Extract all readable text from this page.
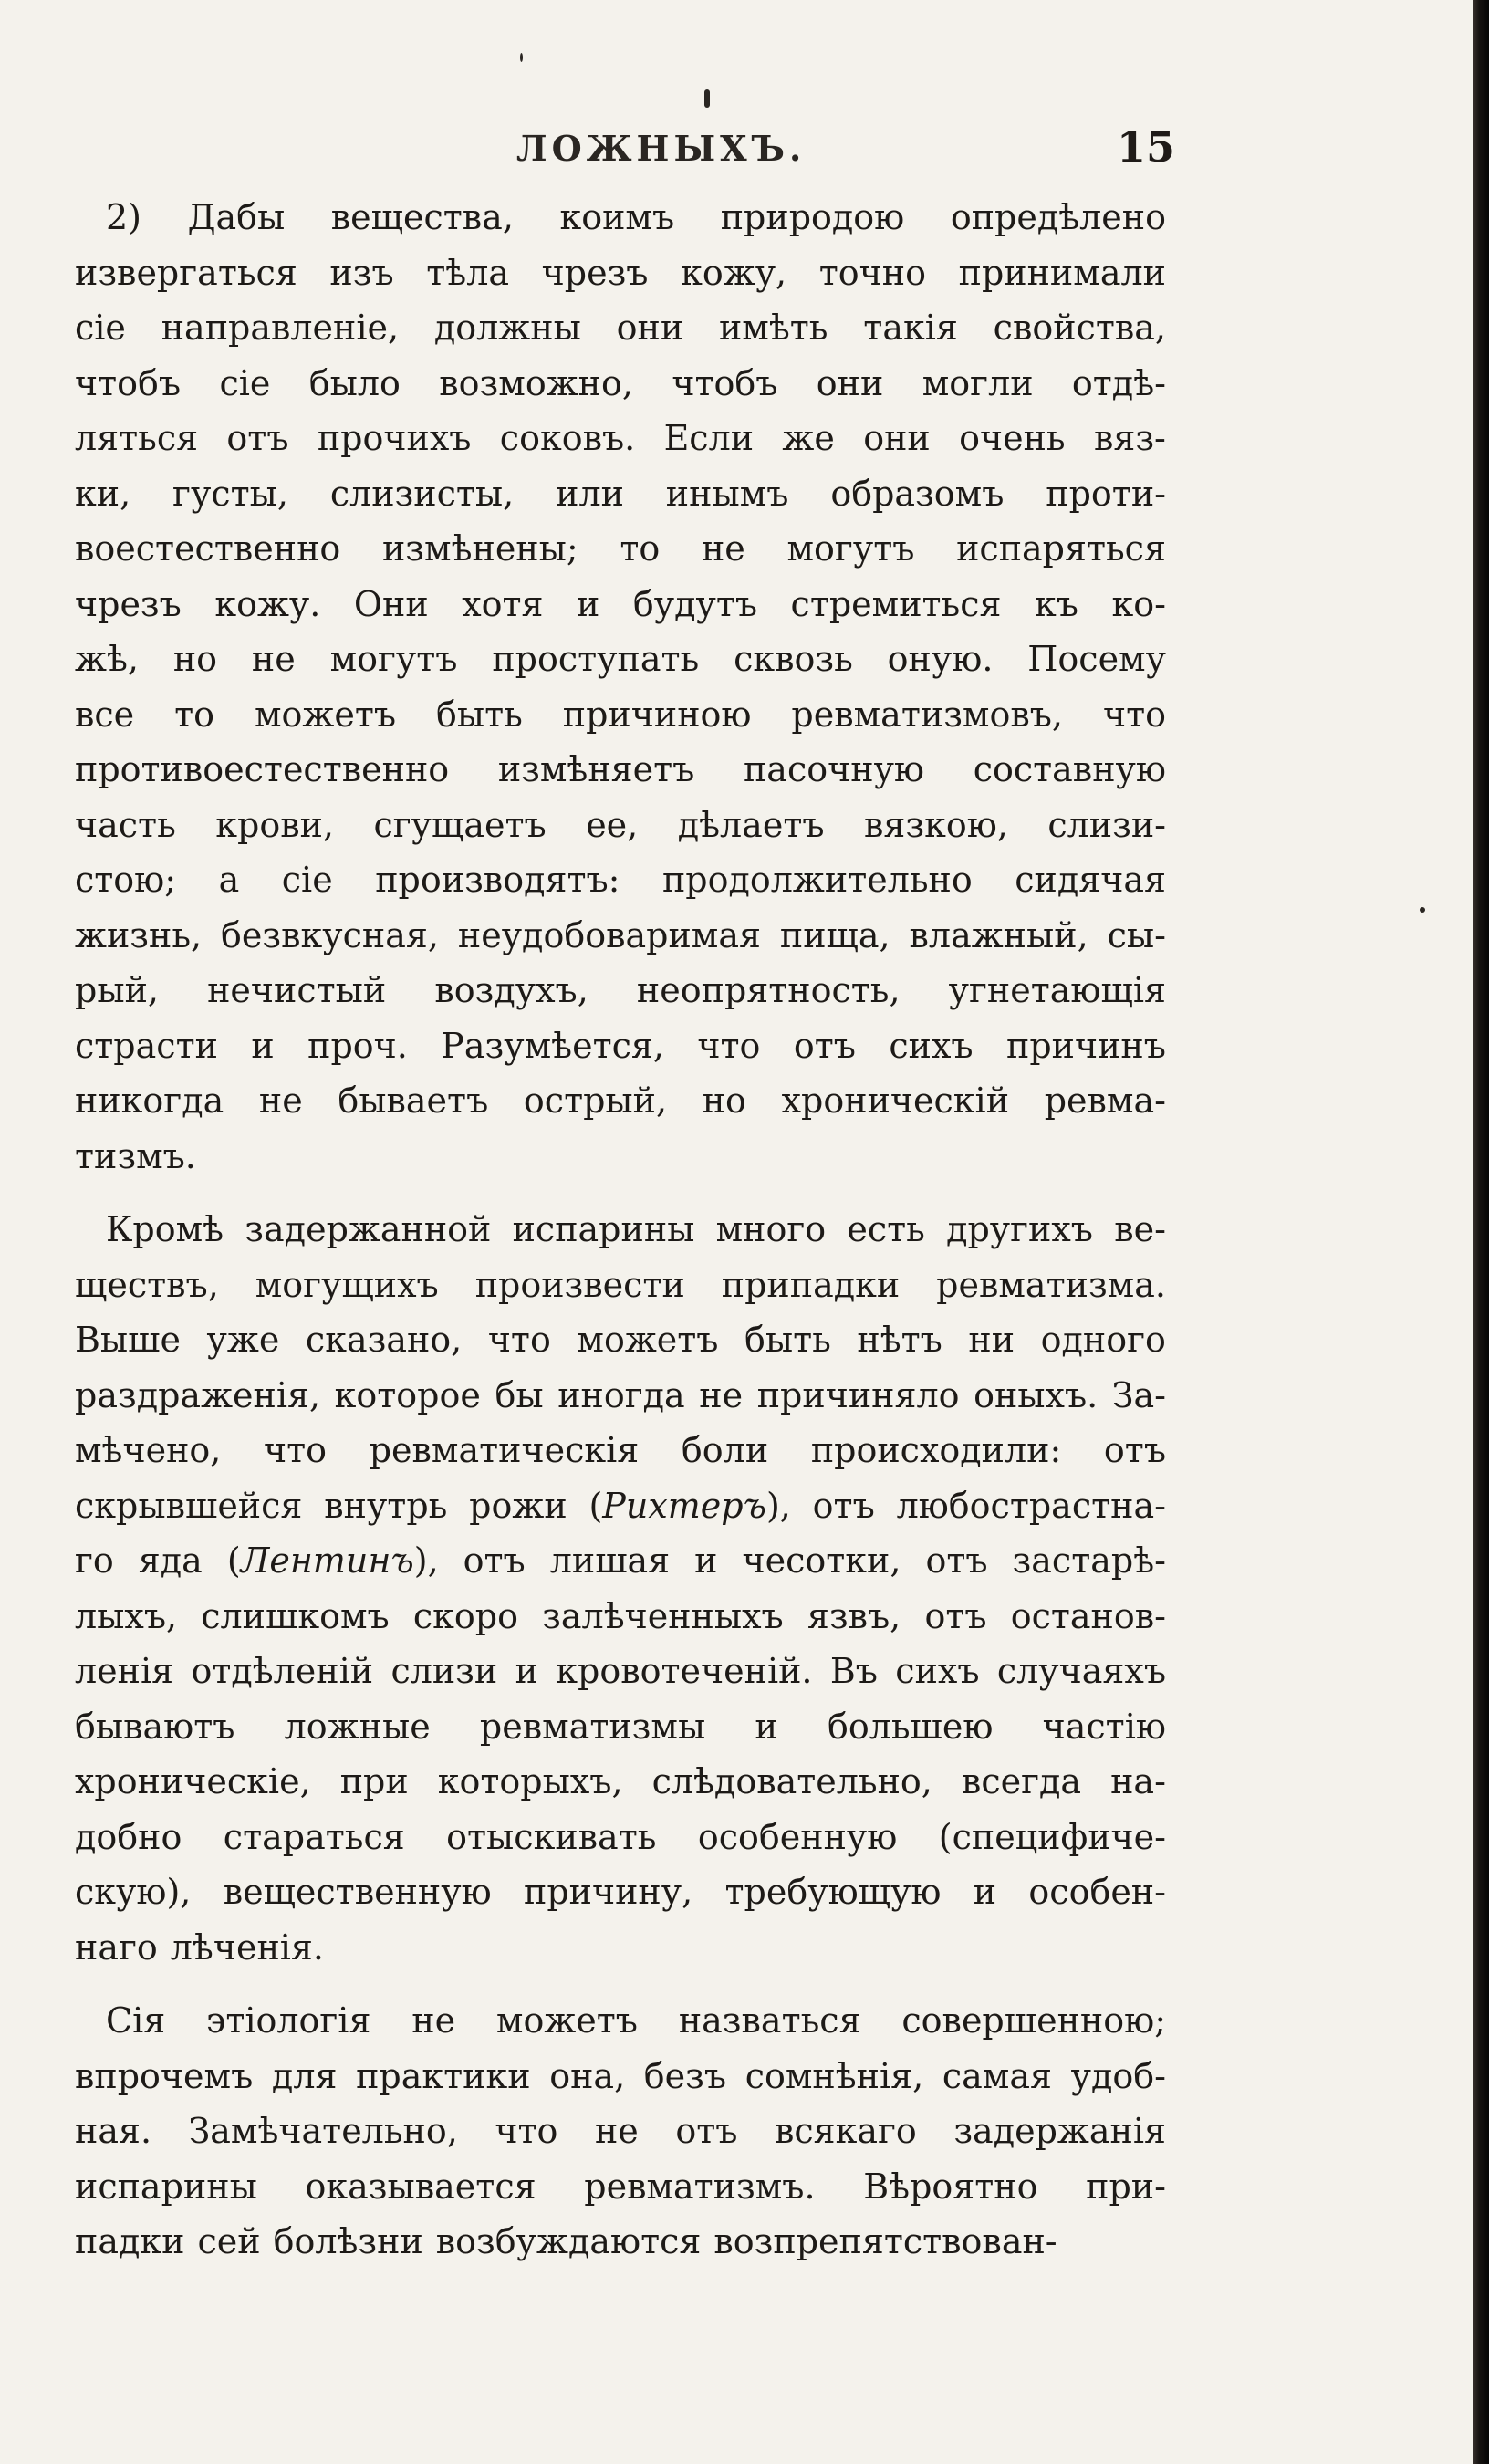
ЛОЖНЫХЪ.	15
2) Дабы вещества, коимъ природою опредѣлено
извергаться изъ тѣла чрезъ кожу, точно принимали
сіе направленіе, должны они имѣть такія свойства,
чтобъ сіе было возможно, чтобъ они могли отдѣ-
ляться отъ прочихъ соковъ. Если же они очень вяз-
ки, густы, слизисты, или инымъ образомъ проти-
воестественно измѣнены; то не могутъ испаряться
чрезъ кожу. Они хотя и будутъ стремиться къ ко-
жѣ, но не могутъ проступать сквозь оную. Посему
все то можетъ быть причиною ревматизмовъ, что
противоестественно измѣняетъ пасочную составную
часть крови, сгущаетъ ее, дѣлаетъ вязкою, слизи-
стою; а сіе производятъ: продолжительно сидячая
жизнь, безвкусная, неудобоваримая пища, влажный, сы-
рый, нечистый воздухъ, неопрятность, угнетающія
страсти и проч. Разумѣется, что отъ сихъ причинъ
никогда не бываетъ острый, но хроническій ревма-
тизмъ.
Кромѣ задержанной испарины много есть другихъ ве-
ществъ, могущихъ произвести припадки ревматизма.
Выше уже сказано, что можетъ быть нѣтъ ни одного
раздраженія, которое бы иногда не причиняло оныхъ. За-
мѣчено, что ревматическія боли происходили: отъ
скрывшейся внутрь рожи (Рихтеръ), отъ любострастна-
го яда (Лентинъ), отъ лишая и чесотки, отъ застарѣ-
лыхъ, слишкомъ скоро залѣченныхъ язвъ, отъ останов-
ленія отдѣленій слизи и кровотеченій. Въ сихъ случаяхъ
бываютъ ложные ревматизмы и большею частію
хроническіе, при которыхъ, слѣдовательно, всегда на-
добно стараться отыскивать особенную (специфиче-
скую), вещественную причину, требующую и особен-
наго лѣченія.
Сія этіологія не можетъ назваться совершенною;
впрочемъ для практики она, безъ сомнѣнія, самая удоб-
ная. Замѣчательно, что не отъ всякаго задержанія
испарины оказывается ревматизмъ. Вѣроятно при-
падки сей болѣзни возбуждаются возпрепятствован-
